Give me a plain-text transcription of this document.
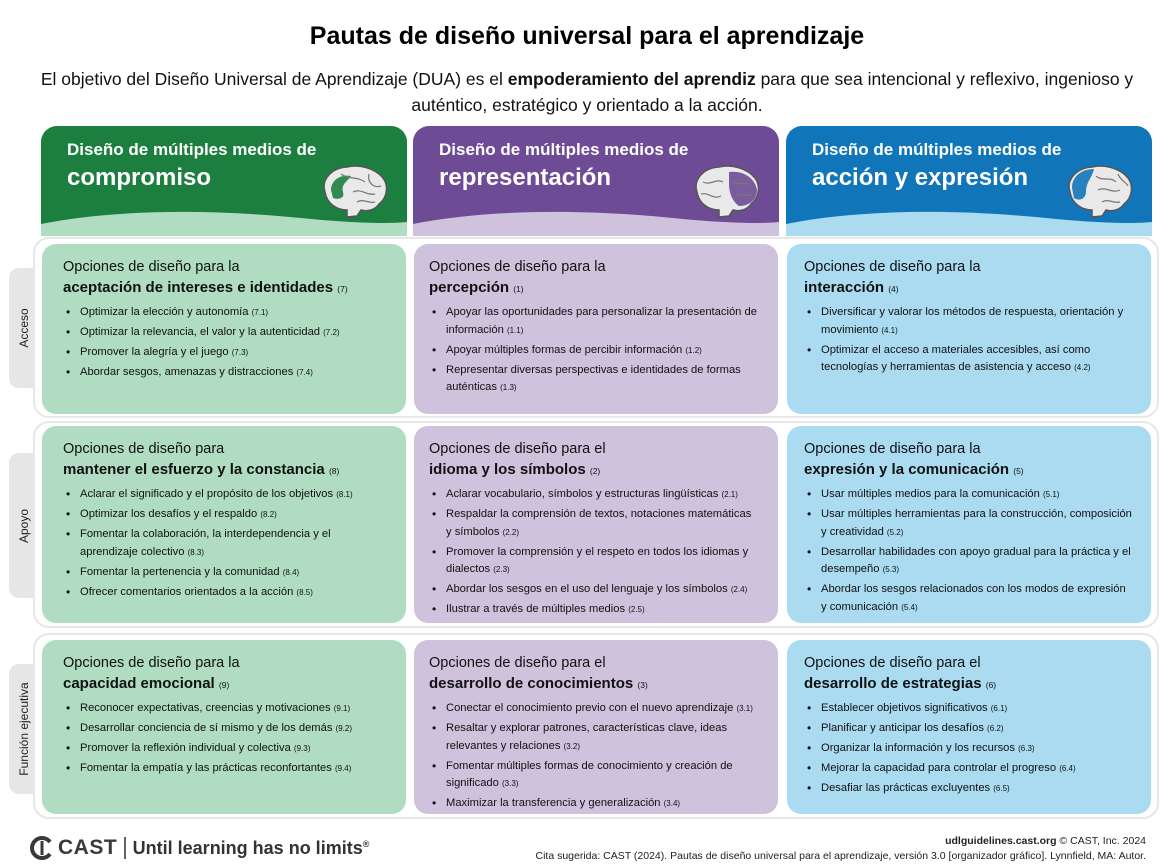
Pautas de diseño universal para el aprendizaje
El objetivo del Diseño Universal de Aprendizaje (DUA) es el empoderamiento del aprendiz para que sea intencional y reflexivo, ingenioso y auténtico, estratégico y orientado a la acción.
Diseño de múltiples medios de
compromiso
Diseño de múltiples medios de
representación
Diseño de múltiples medios de
acción y expresión
Acceso
Apoyo
Función ejecutiva
Opciones de diseño para la
aceptación de intereses e identidades (7)
• Optimizar la elección y autonomía (7.1)
• Optimizar la relevancia, el valor y la autenticidad (7.2)
• Promover la alegría y el juego (7.3)
• Abordar sesgos, amenazas y distracciones (7.4)
Opciones de diseño para la
percepción (1)
• Apoyar las oportunidades para personalizar la presentación de información (1.1)
• Apoyar múltiples formas de percibir información (1.2)
• Representar diversas perspectivas e identidades de formas auténticas (1.3)
Opciones de diseño para la
interacción (4)
• Diversificar y valorar los métodos de respuesta, orientación y movimiento (4.1)
• Optimizar el acceso a materiales accesibles, así como tecnologías y herramientas de asistencia y acceso (4.2)
Opciones de diseño para
mantener el esfuerzo y la constancia (8)
• Aclarar el significado y el propósito de los objetivos (8.1)
• Optimizar los desafíos y el respaldo (8.2)
• Fomentar la colaboración, la interdependencia y el aprendizaje colectivo (8.3)
• Fomentar la pertenencia y la comunidad (8.4)
• Ofrecer comentarios orientados a la acción (8.5)
Opciones de diseño para el
idioma y los símbolos (2)
• Aclarar vocabulario, símbolos y estructuras lingüísticas (2.1)
• Respaldar la comprensión de textos, notaciones matemáticas y símbolos (2.2)
• Promover la comprensión y el respeto en todos los idiomas y dialectos (2.3)
• Abordar los sesgos en el uso del lenguaje y los símbolos (2.4)
• Ilustrar a través de múltiples medios (2.5)
Opciones de diseño para la
expresión y la comunicación (5)
• Usar múltiples medios para la comunicación (5.1)
• Usar múltiples herramientas para la construcción, composición y creatividad (5.2)
• Desarrollar habilidades con apoyo gradual para la práctica y el desempeño (5.3)
• Abordar los sesgos relacionados con los modos de expresión y comunicación (5.4)
Opciones de diseño para la
capacidad emocional (9)
• Reconocer expectativas, creencias y motivaciones (9.1)
• Desarrollar conciencia de sí mismo y de los demás (9.2)
• Promover la reflexión individual y colectiva (9.3)
• Fomentar la empatía y las prácticas reconfortantes (9.4)
Opciones de diseño para el
desarrollo de conocimientos (3)
• Conectar el conocimiento previo con el nuevo aprendizaje (3.1)
• Resaltar y explorar patrones, características clave, ideas relevantes y relaciones (3.2)
• Fomentar múltiples formas de conocimiento y creación de significado (3.3)
• Maximizar la transferencia y generalización (3.4)
Opciones de diseño para el
desarrollo de estrategias (6)
• Establecer objetivos significativos (6.1)
• Planificar y anticipar los desafíos (6.2)
• Organizar la información y los recursos (6.3)
• Mejorar la capacidad para controlar el progreso (6.4)
• Desafiar las prácticas excluyentes (6.5)
CAST Until learning has no limits®	udlguidelines.cast.org © CAST, Inc. 2024
Cita sugerida: CAST (2024). Pautas de diseño universal para el aprendizaje, versión 3.0 [organizador gráfico]. Lynnfield, MA: Autor.
